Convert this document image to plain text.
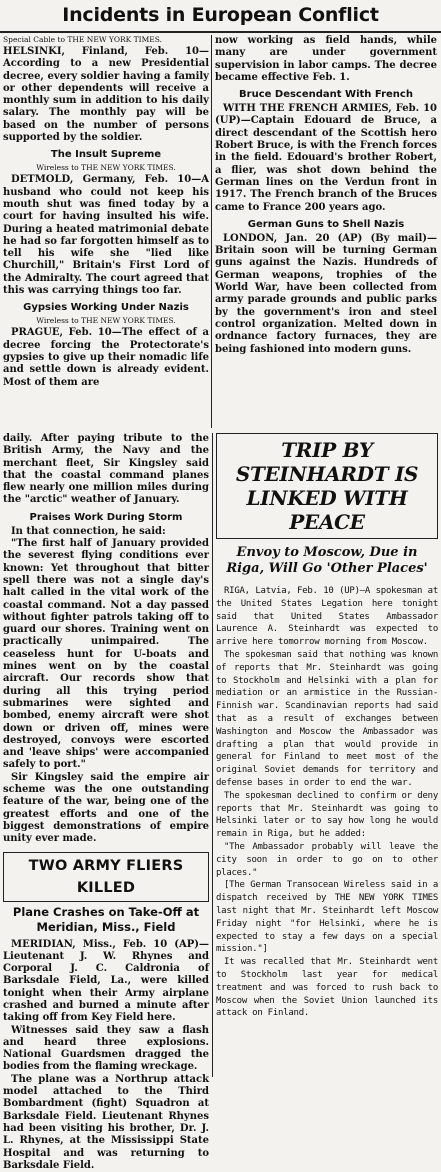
Incidents in European Conflict
Special Cable to THE NEW YORK TIMES.

HELSINKI, Finland, Feb. 10—According to a new Presidential decree, every soldier having a family or other dependents will receive a monthly sum in addition to his daily salary. The monthly pay will be based on the number of persons supported by the soldier.

The Insult Supreme
Wireless to THE NEW YORK TIMES.

DETMOLD, Germany, Feb. 10—A husband who could not keep his mouth shut was fined today by a court for having insulted his wife. During a heated matrimonial debate he had so far forgotten himself as to tell his wife she "lied like Churchill," Britain's First Lord of the Admiralty. The court agreed that this was carrying things too far.

Gypsies Working Under Nazis
Wireless to THE NEW YORK TIMES.

PRAGUE, Feb. 10—The effect of a decree forcing the Protectorate's gypsies to give up their nomadic life and settle down is already evident. Most of them are

now working as field hands, while many are under government supervision in labor camps. The decree became effective Feb. 1.

Bruce Descendant With French

WITH THE FRENCH ARMIES, Feb. 10 (UP)—Captain Edouard de Bruce, a direct descendant of the Scottish hero Robert Bruce, is with the French forces in the field. Edouard's brother Robert, a flier, was shot down behind the German lines on the Verdun front in 1917. The French branch of the Bruces came to France 200 years ago.

German Guns to Shell Nazis

LONDON, Jan. 20 (AP) (By mail)—Britain soon will be turning German guns against the Nazis. Hundreds of German weapons, trophies of the World War, have been collected from army parade grounds and public parks by the government's iron and steel control organization. Melted down in ordnance factory furnaces, they are being fashioned into modern guns.

daily. After paying tribute to the British Army, the Navy and the merchant fleet, Sir Kingsley said that the coastal command planes flew nearly one million miles during the "arctic" weather of January.

Praises Work During Storm

In that connection, he said:

"The first half of January provided the severest flying conditions ever known: Yet throughout that bitter spell there was not a single day's halt called in the vital work of the coastal command. Not a day passed without fighter patrols taking off to guard our shores. Training went on practically unimpaired. The ceaseless hunt for U-boats and mines went on by the coastal aircraft. Our records show that during all this trying period submarines were sighted and bombed, enemy aircraft were shot down or driven off, mines were destroyed, convoys were escorted and 'leave ships' were accompanied safely to port."

Sir Kingsley said the empire air scheme was the one outstanding feature of the war, being one of the greatest efforts and one of the biggest demonstrations of empire unity ever made.

TWO ARMY FLIERS KILLED
Plane Crashes on Take-Off at Meridian, Miss., Field

MERIDIAN, Miss., Feb. 10 (AP)—Lieutenant J. W. Rhynes and Corporal J. C. Caldronia of Barksdale Field, La., were killed tonight when their Army airplane crashed and burned a minute after taking off from Key Field here.

Witnesses said they saw a flash and heard three explosions. National Guardsmen dragged the bodies from the flaming wreckage.

The plane was a Northrup attack model attached to the Third Bombardment (fight) Squadron at Barksdale Field. Lieutenant Rhynes had been visiting his brother, Dr. J. L. Rhynes, at the Mississippi State Hospital and was returning to Barksdale Field.

TRIP BY STEINHARDT IS LINKED WITH PEACE
Envoy to Moscow, Due in Riga, Will Go 'Other Places'

RIGA, Latvia, Feb. 10 (UP)—A spokesman at the United States Legation here tonight said that United States Ambassador Laurence A. Steinhardt was expected to arrive here tomorrow morning from Moscow.

The spokesman said that nothing was known of reports that Mr. Steinhardt was going to Stockholm and Helsinki with a plan for mediation or an armistice in the Russian-Finnish war. Scandinavian reports had said that as a result of exchanges between Washington and Moscow the Ambassador was drafting a plan that would provide in general for Finland to meet most of the original Soviet demands for territory and defense bases in order to end the war.

The spokesman declined to confirm or deny reports that Mr. Steinhardt was going to Helsinki later or to say how long he would remain in Riga, but he added:

"The Ambassador probably will leave the city soon in order to go on to other places."

[The German Transocean Wireless said in a dispatch received by THE NEW YORK TIMES last night that Mr. Steinhardt left Moscow Friday night "for Helsinki, where he is expected to stay a few days on a special mission."]

It was recalled that Mr. Steinhardt went to Stockholm last year for medical treatment and was forced to rush back to Moscow when the Soviet Union launched its attack on Finland.
